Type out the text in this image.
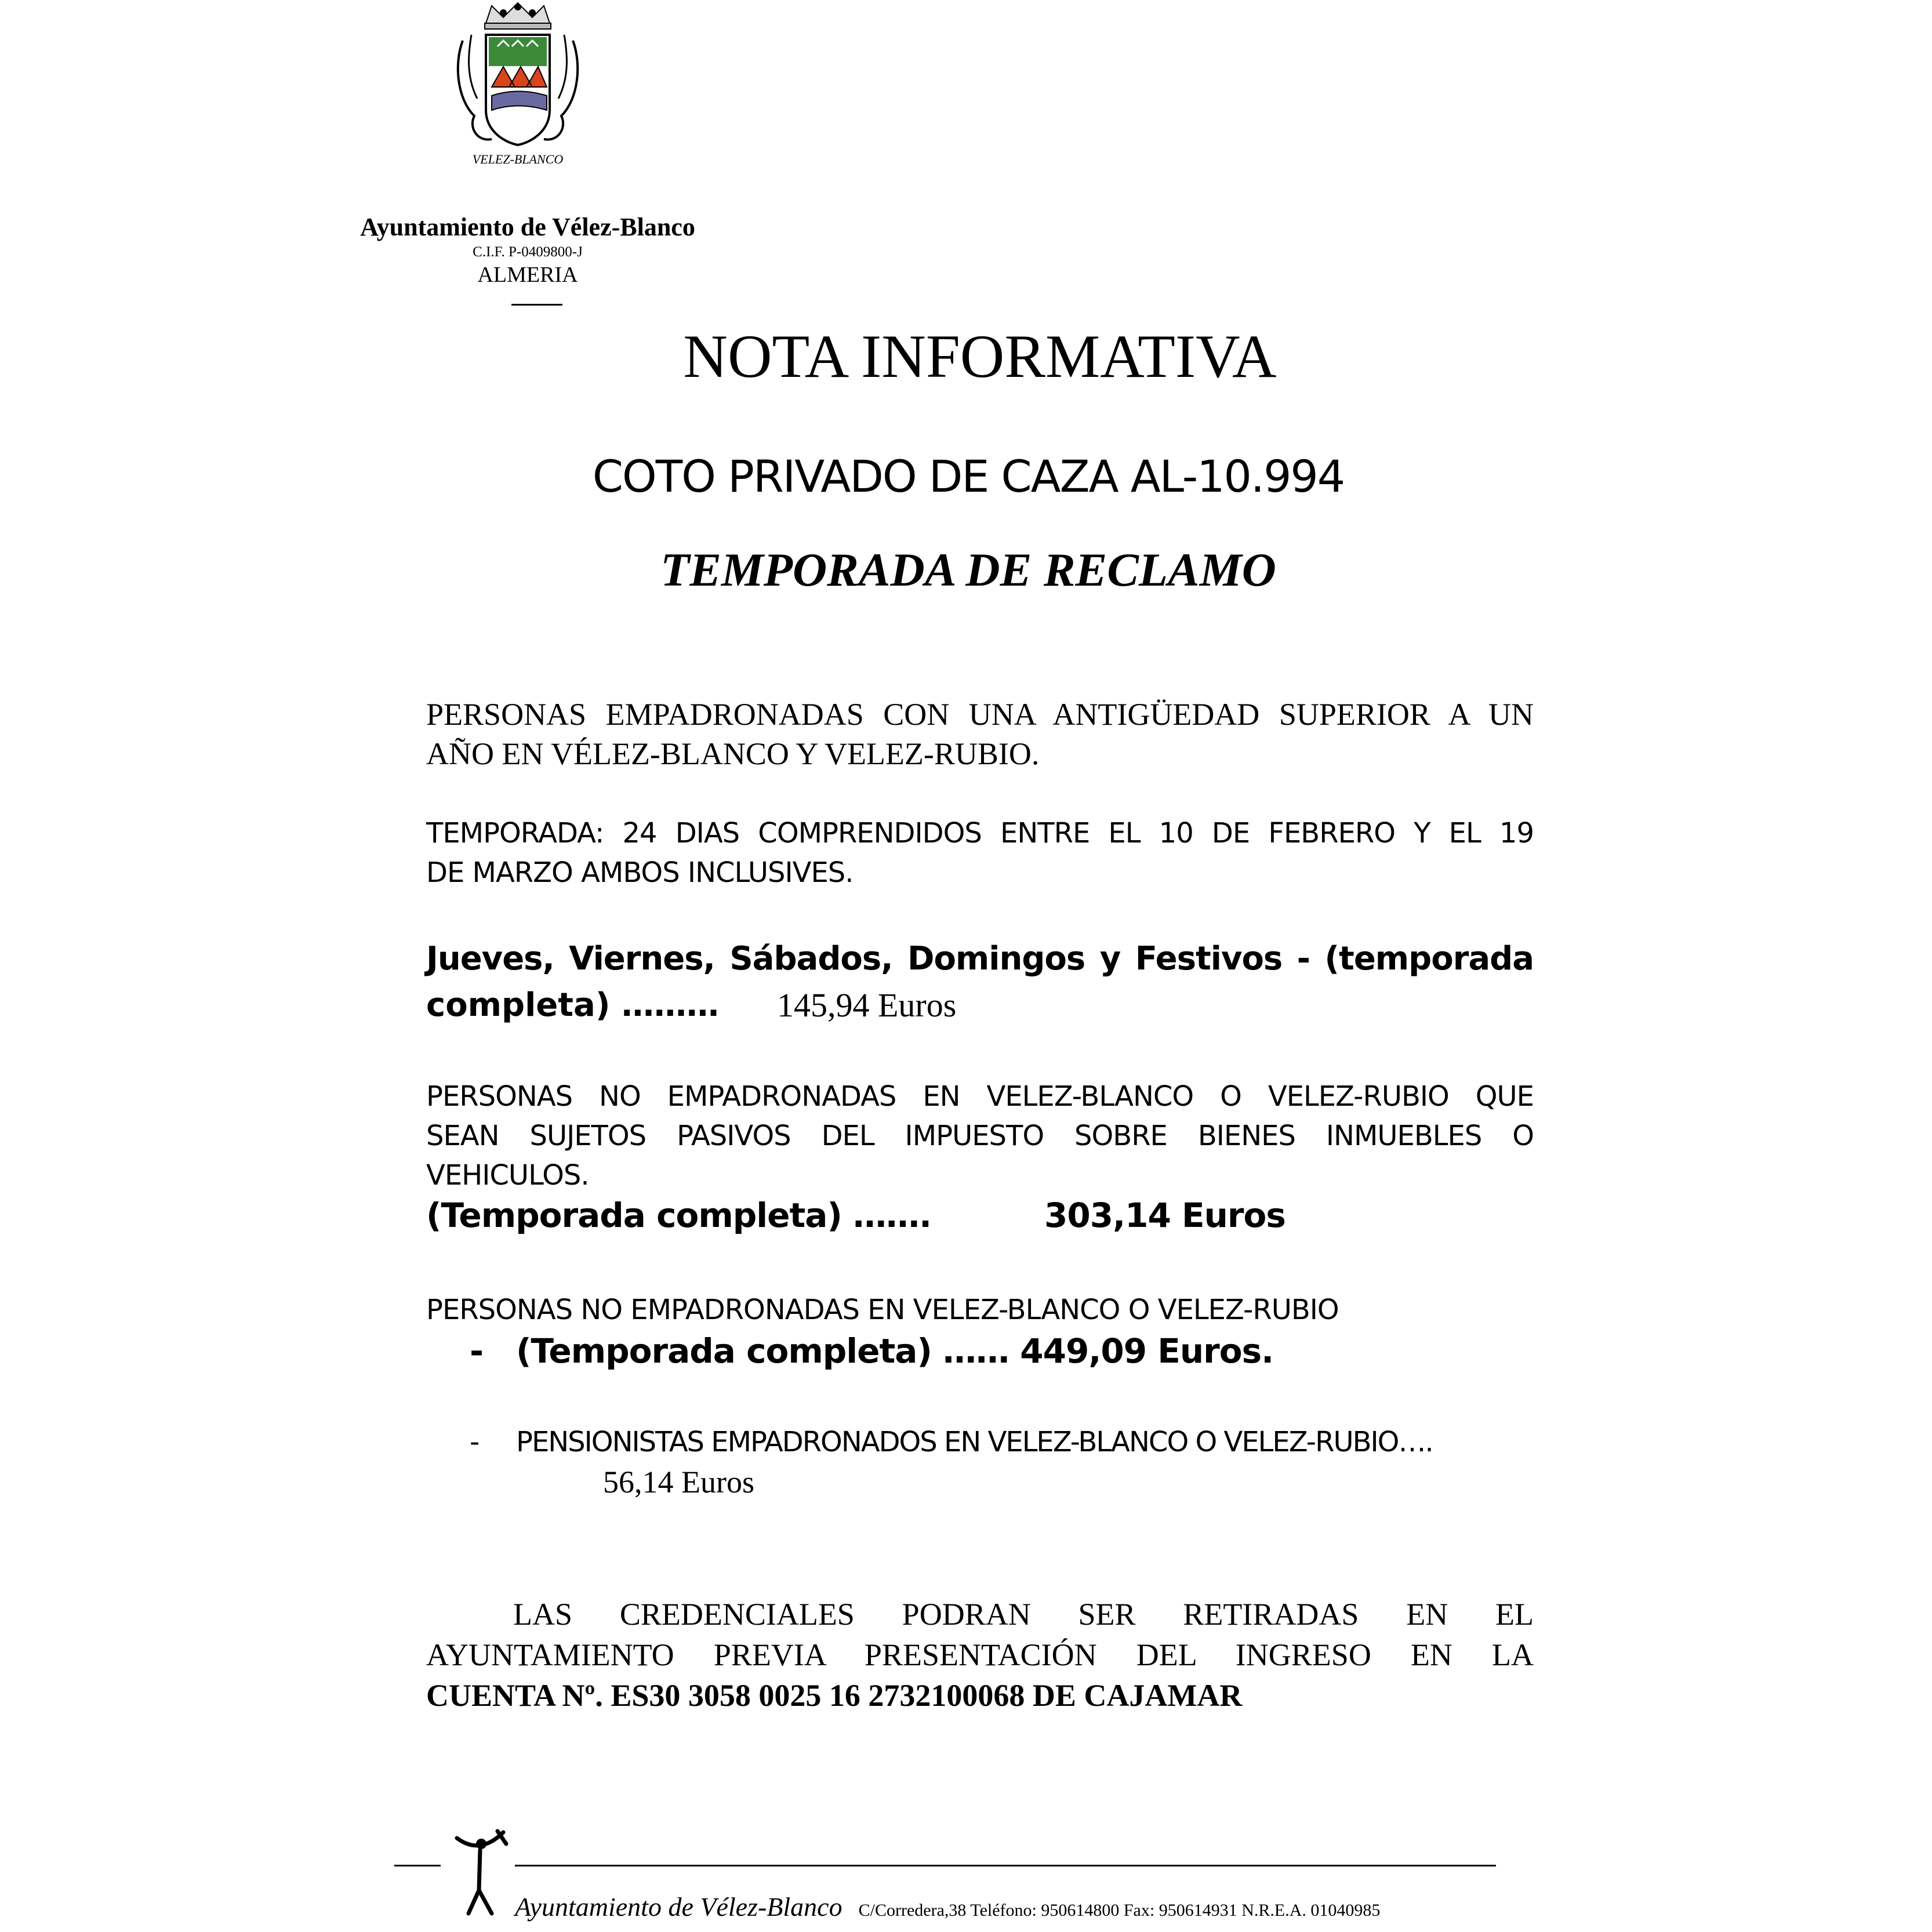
VELEZ-BLANCO
Ayuntamiento de Vélez-Blanco
C.I.F. P-0409800-J
ALMERIA
NOTA INFORMATIVA
COTO PRIVADO DE CAZA AL-10.994
TEMPORADA DE RECLAMO
PERSONAS EMPADRONADAS CON UNA ANTIGÜEDAD SUPERIOR A UN
AÑO EN VÉLEZ-BLANCO Y VELEZ-RUBIO.
TEMPORADA: 24 DIAS COMPRENDIDOS ENTRE EL 10 DE FEBRERO Y EL 19
DE MARZO AMBOS INCLUSIVES.
Jueves, Viernes, Sábados, Domingos y Festivos - (temporada
completa) ……… 145,94 Euros
PERSONAS NO EMPADRONADAS EN VELEZ-BLANCO O VELEZ-RUBIO QUE
SEAN SUJETOS PASIVOS DEL IMPUESTO SOBRE BIENES INMUEBLES O
VEHICULOS.
(Temporada completa) …….	303,14 Euros
PERSONAS NO EMPADRONADAS EN VELEZ-BLANCO O VELEZ-RUBIO
- (Temporada completa) …… 449,09 Euros.
- PENSIONISTAS EMPADRONADOS EN VELEZ-BLANCO O VELEZ-RUBIO….
56,14 Euros
LAS CREDENCIALES PODRAN SER RETIRADAS EN EL
AYUNTAMIENTO PREVIA PRESENTACIÓN DEL INGRESO EN LA
CUENTA Nº. ES30 3058 0025 16 2732100068 DE CAJAMAR
Ayuntamiento de Vélez-Blanco C/Corredera,38 Teléfono: 950614800 Fax: 950614931 N.R.E.A. 01040985
